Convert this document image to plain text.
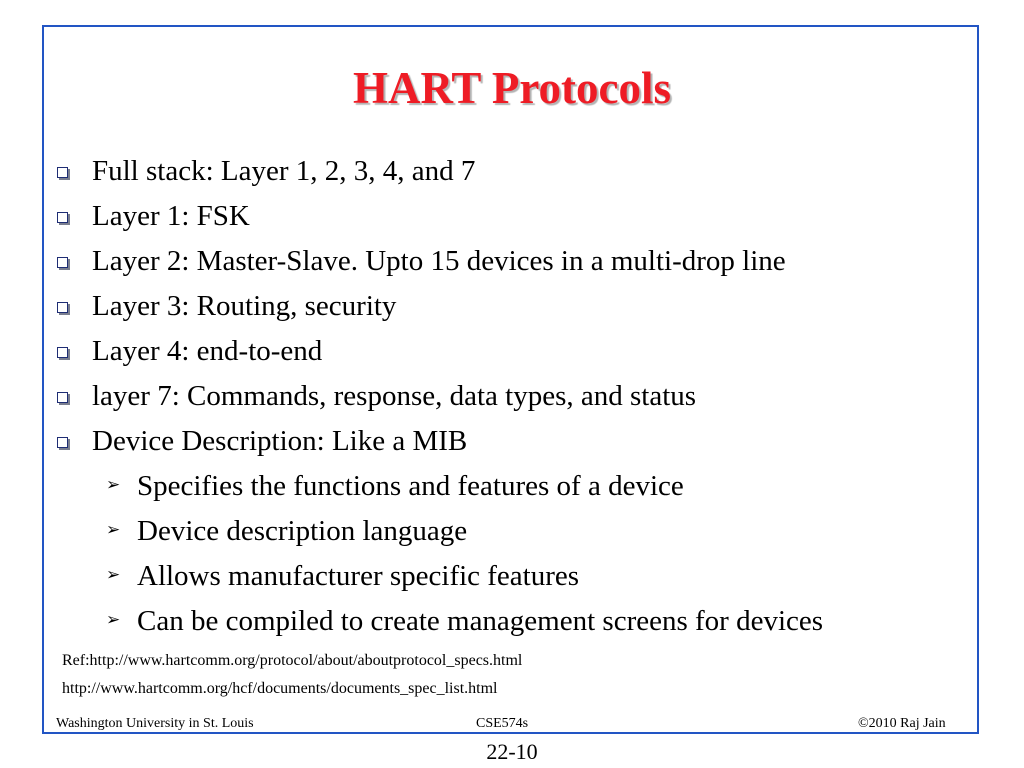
HART Protocols
Full stack: Layer 1, 2, 3, 4, and 7
Layer 1: FSK
Layer 2: Master-Slave. Upto 15 devices in a multi-drop line
Layer 3: Routing, security
Layer 4: end-to-end
layer 7: Commands, response, data types, and status
Device Description: Like a MIB
➢ Specifies the functions and features of a device
➢ Device description language
➢ Allows manufacturer specific features
➢ Can be compiled to create management screens for devices
Ref:http://www.hartcomm.org/protocol/about/aboutprotocol_specs.html
http://www.hartcomm.org/hcf/documents/documents_spec_list.html
Washington University in St. Louis	CSE574s	©2010 Raj Jain
22-10
